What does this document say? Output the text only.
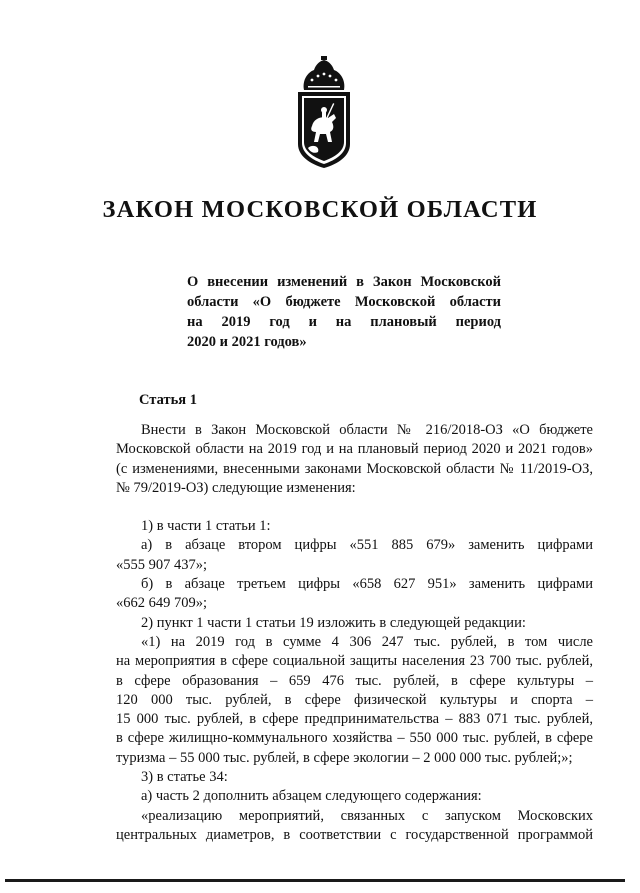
ЗАКОН МОСКОВСКОЙ ОБЛАСТИ
О внесении изменений в Закон Московской
области «О бюджете Московской области
на 2019 год и на плановый период
2020 и 2021 годов»
Статья 1
Внести в Закон Московской области № 216/2018-ОЗ «О бюджете
Московской области на 2019 год и на плановый период 2020 и 2021 годов»
(с изменениями, внесенными законами Московской области № 11/2019-ОЗ,
№ 79/2019-ОЗ) следующие изменения:
1) в части 1 статьи 1:
а) в абзаце втором цифры «551 885 679» заменить цифрами
«555 907 437»;
б) в абзаце третьем цифры «658 627 951» заменить цифрами
«662 649 709»;
2) пункт 1 части 1 статьи 19 изложить в следующей редакции:
«1) на 2019 год в сумме 4 306 247 тыс. рублей, в том числе
на мероприятия в сфере социальной защиты населения 23 700 тыс. рублей,
в сфере образования – 659 476 тыс. рублей, в сфере культуры –
120 000 тыс. рублей, в сфере физической культуры и спорта –
15 000 тыс. рублей, в сфере предпринимательства – 883 071 тыс. рублей,
в сфере жилищно-коммунального хозяйства – 550 000 тыс. рублей, в сфере
туризма – 55 000 тыс. рублей, в сфере экологии – 2 000 000 тыс. рублей;»;
3) в статье 34:
а) часть 2 дополнить абзацем следующего содержания:
«реализацию мероприятий, связанных с запуском Московских
центральных диаметров, в соответствии с государственной программой
